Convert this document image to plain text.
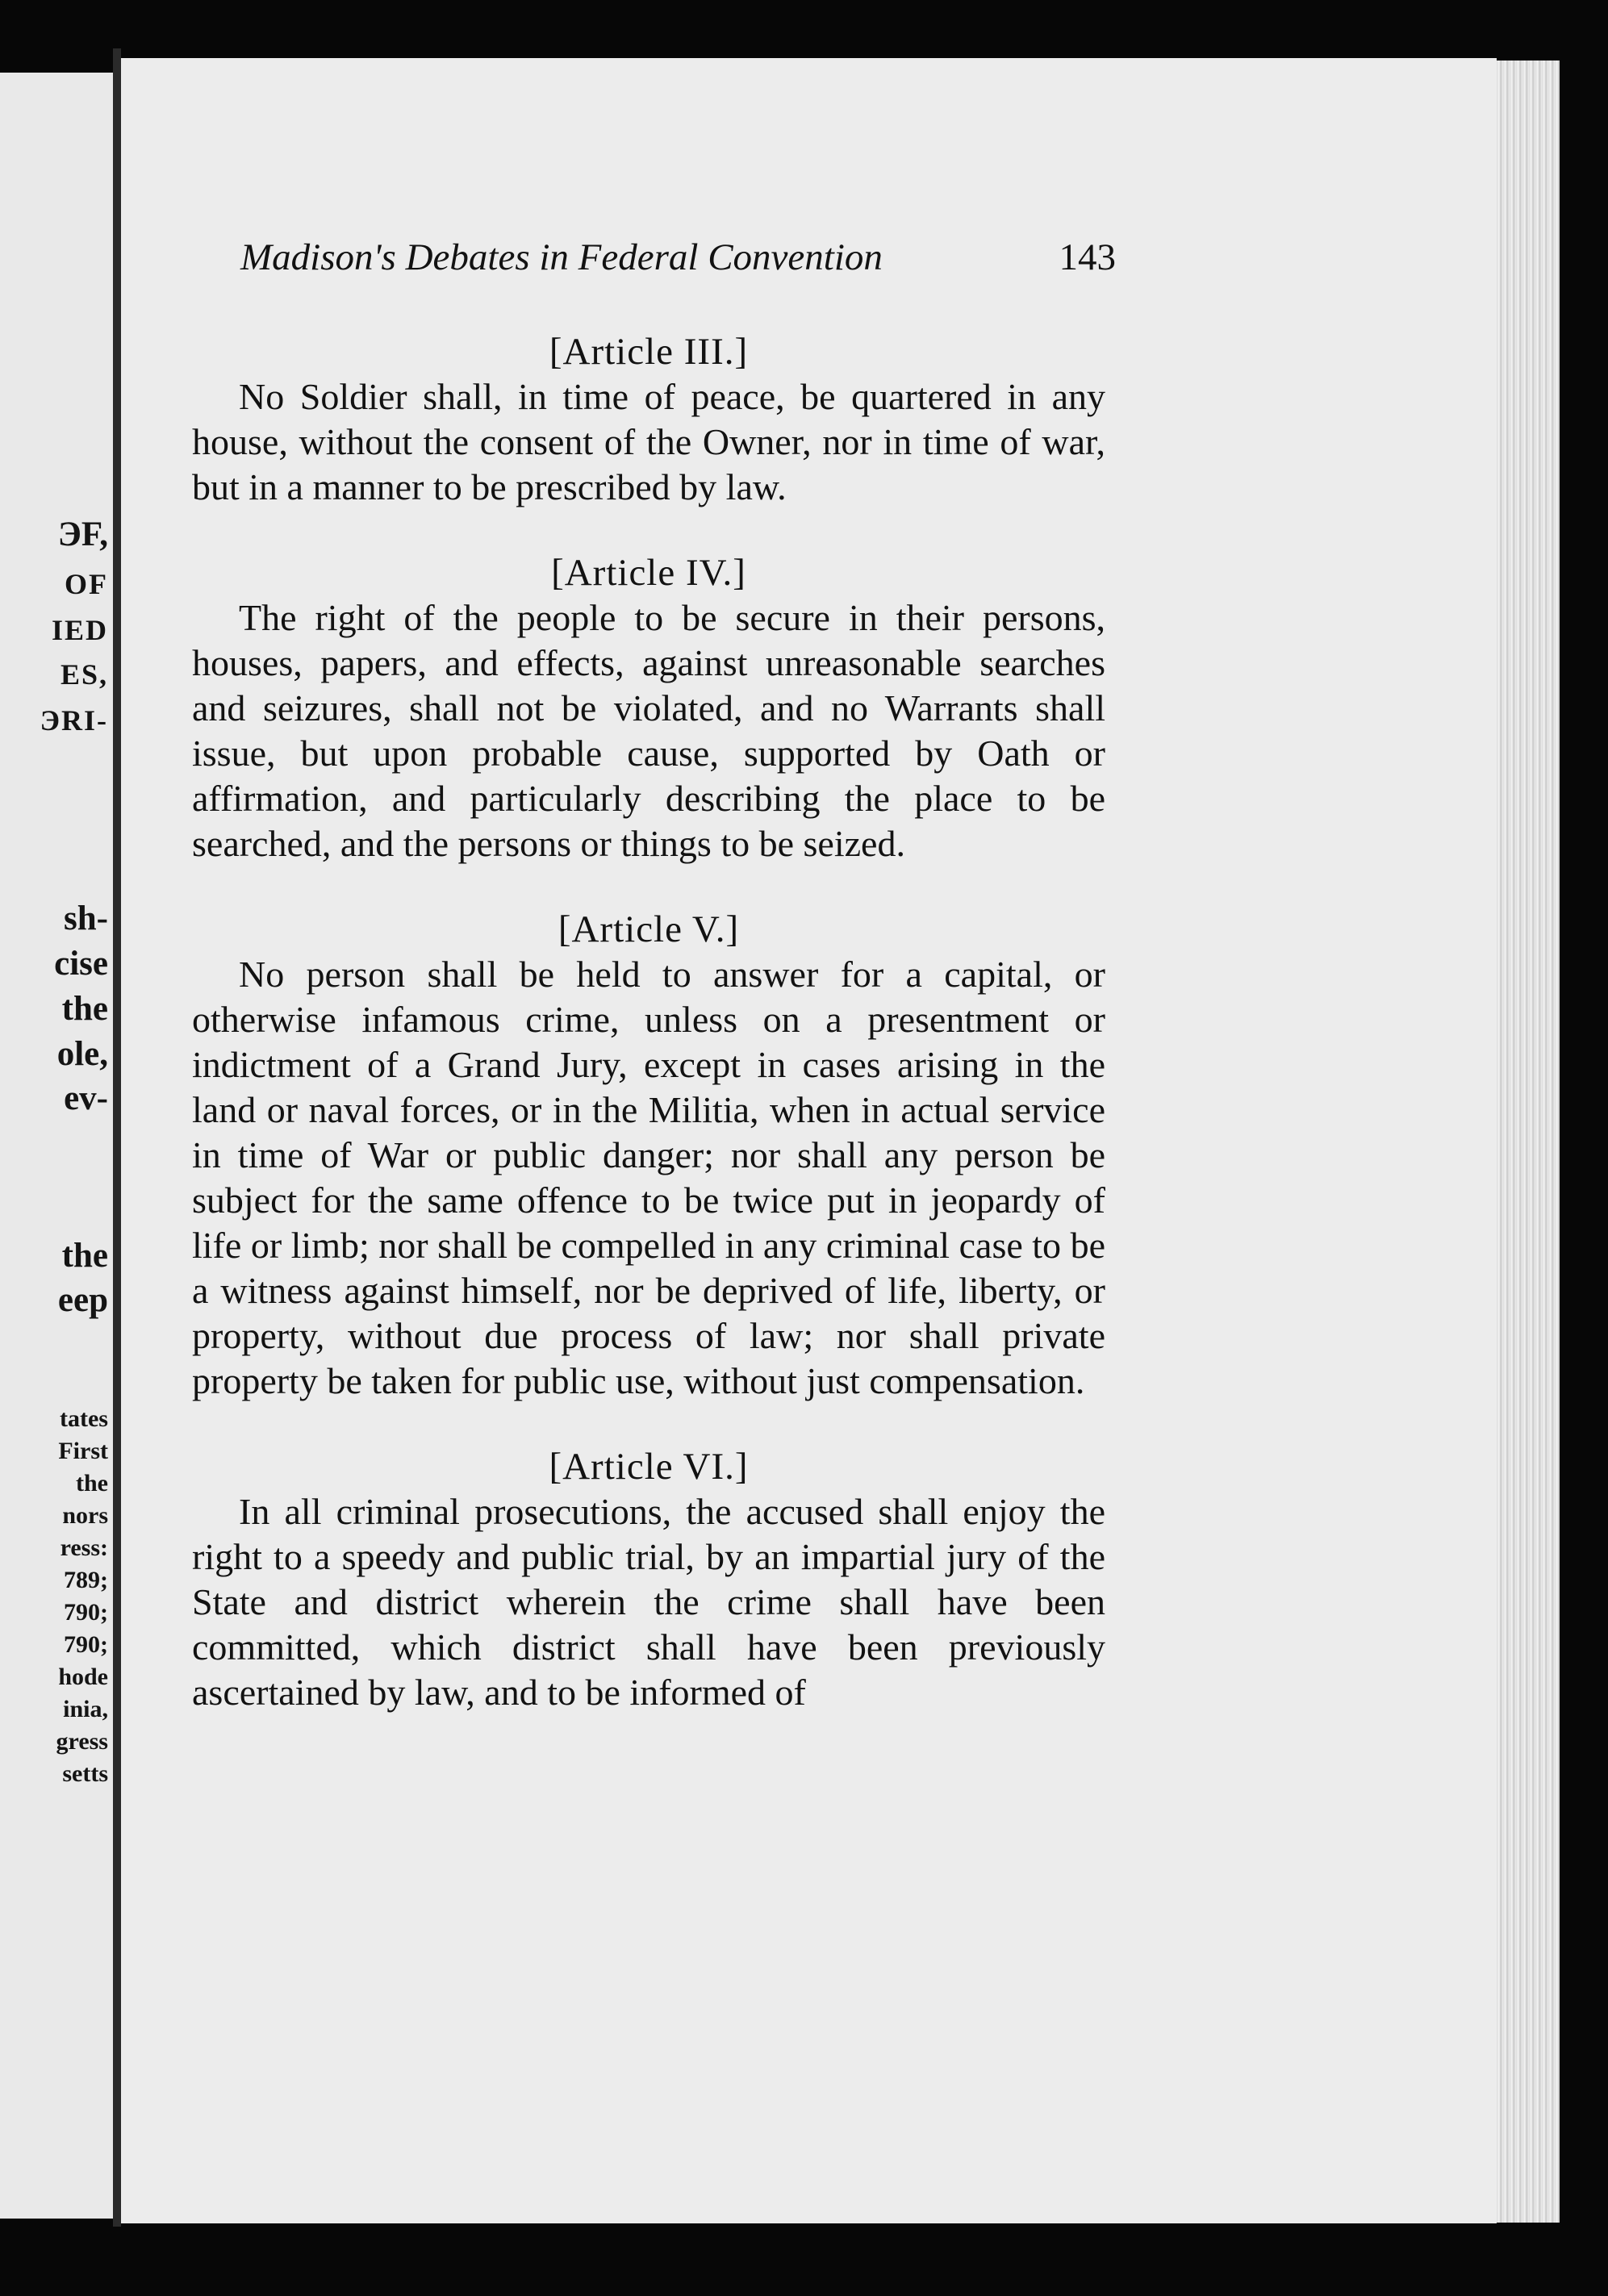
ЭF,
OF
IED
ES,
ЭRI-
sh-
cise
the
ole,
ev-
the
eep
tates
First
the
nors
ress:
789;
790;
790;
hode
inia,
gress
setts
Madison's Debates in Federal Convention	143

[Article III.]

No Soldier shall, in time of peace, be quartered in any house, without the consent of the Owner, nor in time of war, but in a manner to be prescribed by law.

[Article IV.]

The right of the people to be secure in their persons, houses, papers, and effects, against unreasonable searches and seizures, shall not be violated, and no Warrants shall issue, but upon probable cause, supported by Oath or affirmation, and particularly describing the place to be searched, and the persons or things to be seized.

[Article V.]

No person shall be held to answer for a capital, or otherwise infamous crime, unless on a presentment or indictment of a Grand Jury, except in cases arising in the land or naval forces, or in the Militia, when in actual service in time of War or public danger; nor shall any person be subject for the same offence to be twice put in jeopardy of life or limb; nor shall be compelled in any criminal case to be a witness against himself, nor be deprived of life, liberty, or property, without due process of law; nor shall private property be taken for public use, without just compensation.

[Article VI.]

In all criminal prosecutions, the accused shall enjoy the right to a speedy and public trial, by an impartial jury of the State and district wherein the crime shall have been committed, which district shall have been previously ascertained by law, and to be informed of
